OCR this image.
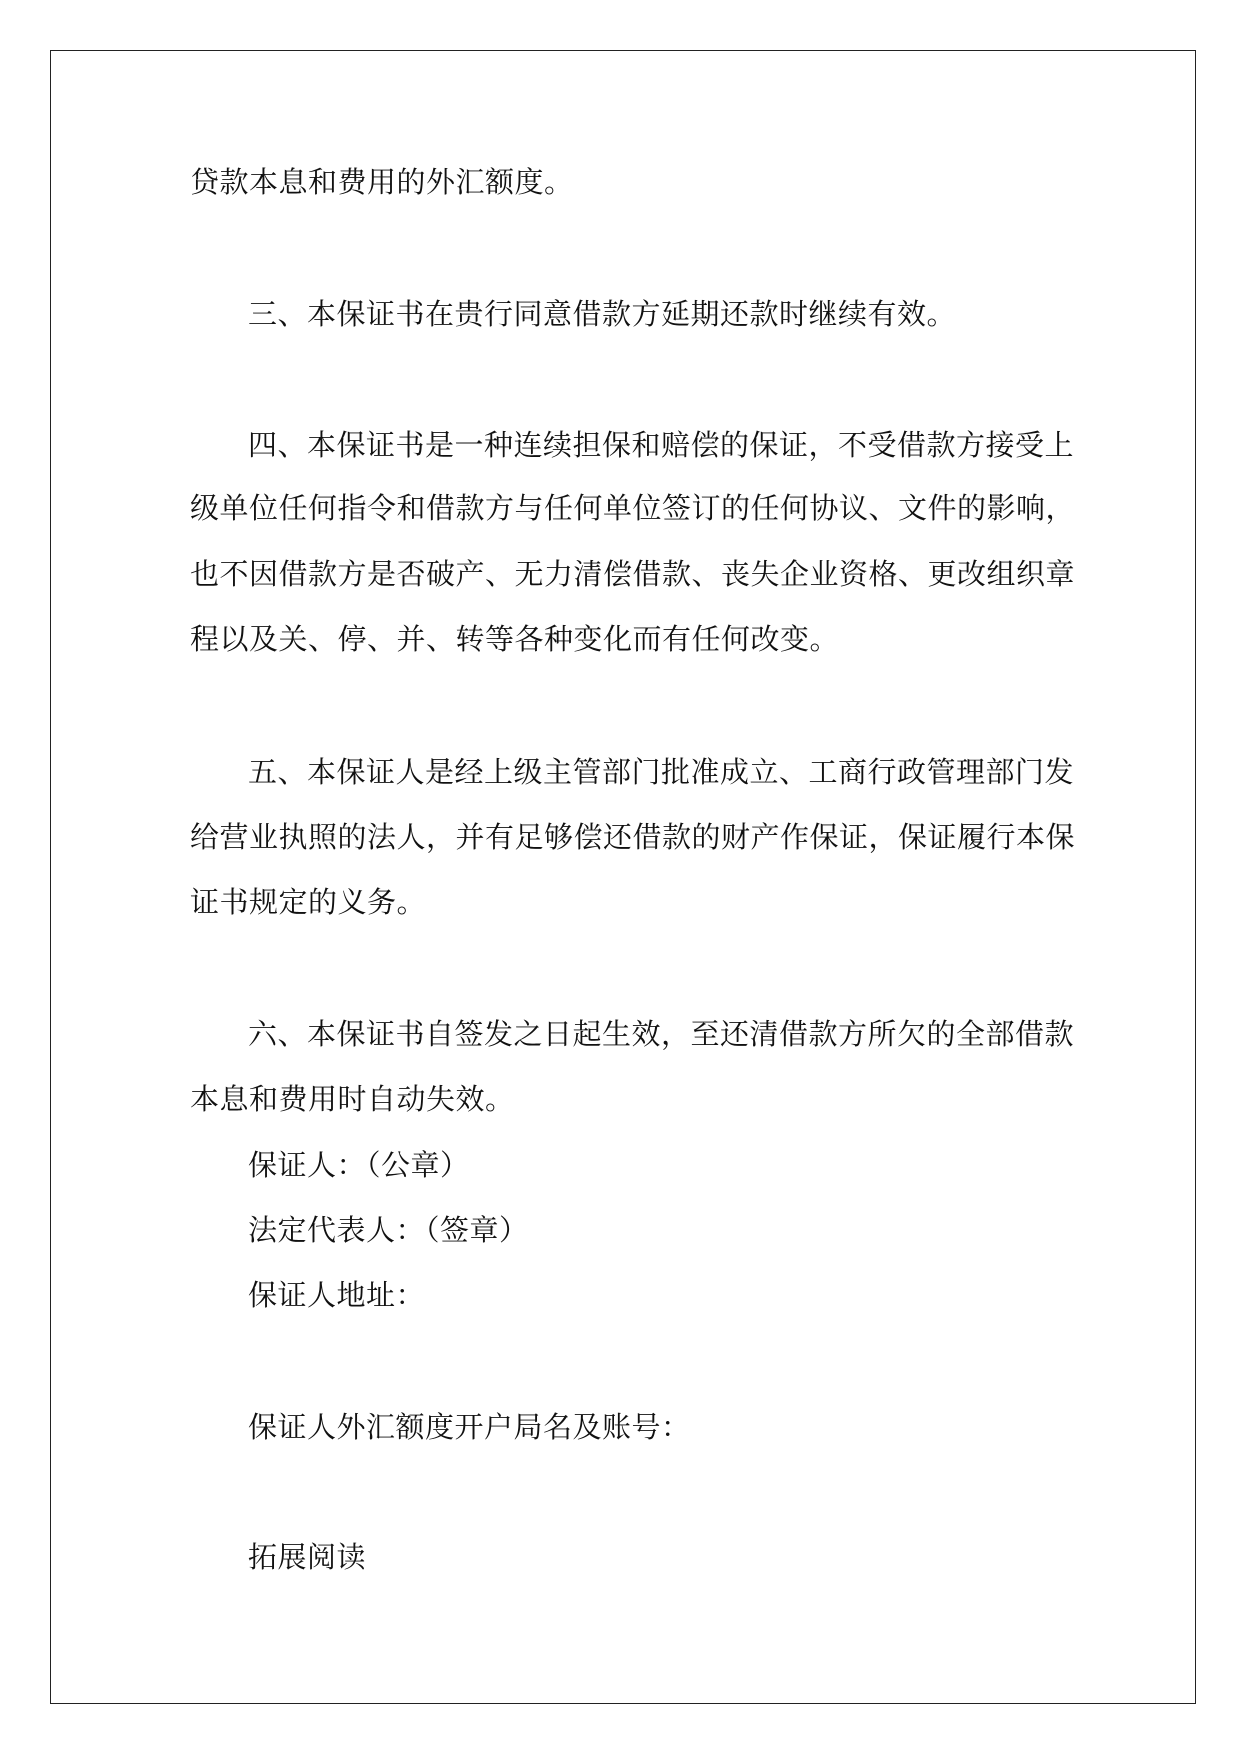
贷款本息和费用的外汇额度。
三、本保证书在贵行同意借款方延期还款时继续有效。
四、本保证书是一种连续担保和赔偿的保证，不受借款方接受上
级单位任何指令和借款方与任何单位签订的任何协议、文件的影响，
也不因借款方是否破产、无力清偿借款、丧失企业资格、更改组织章
程以及关、停、并、转等各种变化而有任何改变。
五、本保证人是经上级主管部门批准成立、工商行政管理部门发
给营业执照的法人，并有足够偿还借款的财产作保证，保证履行本保
证书规定的义务。
六、本保证书自签发之日起生效，至还清借款方所欠的全部借款
本息和费用时自动失效。
保证人：（公章）
法定代表人：（签章）
保证人地址：
保证人外汇额度开户局名及账号：
拓展阅读
